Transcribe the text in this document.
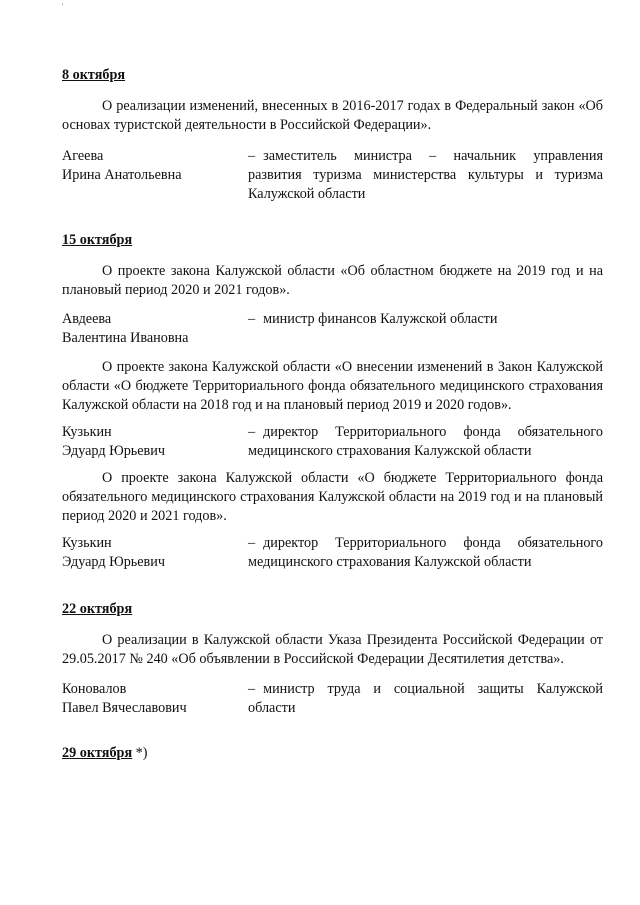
'

8 октября

О реализации изменений, внесенных в 2016-2017 годах в Федеральный закон «Об основах туристской деятельности в Российской Федерации».

Агеева
Ирина Анатольевна
– заместитель министра – начальник управления развития туризма министерства культуры и туризма Калужской области

15 октября

О проекте закона Калужской области «Об областном бюджете на 2019 год и на плановый период 2020 и 2021 годов».

Авдеева
Валентина Ивановна
– министр финансов Калужской области

О проекте закона Калужской области «О внесении изменений в Закон Калужской области «О бюджете Территориального фонда обязательного медицинского страхования Калужской области на 2018 год и на плановый период 2019 и 2020 годов».

Кузькин
Эдуард Юрьевич
– директор Территориального фонда обязательного медицинского страхования Калужской области

О проекте закона Калужской области «О бюджете Территориального фонда обязательного медицинского страхования Калужской области на 2019 год и на плановый период 2020 и 2021 годов».

Кузькин
Эдуард Юрьевич
– директор Территориального фонда обязательного медицинского страхования Калужской области

22 октября

О реализации в Калужской области Указа Президента Российской Федерации от 29.05.2017 № 240 «Об объявлении в Российской Федерации Десятилетия детства».

Коновалов
Павел Вячеславович
– министр труда и социальной защиты Калужской области

29 октября *)
